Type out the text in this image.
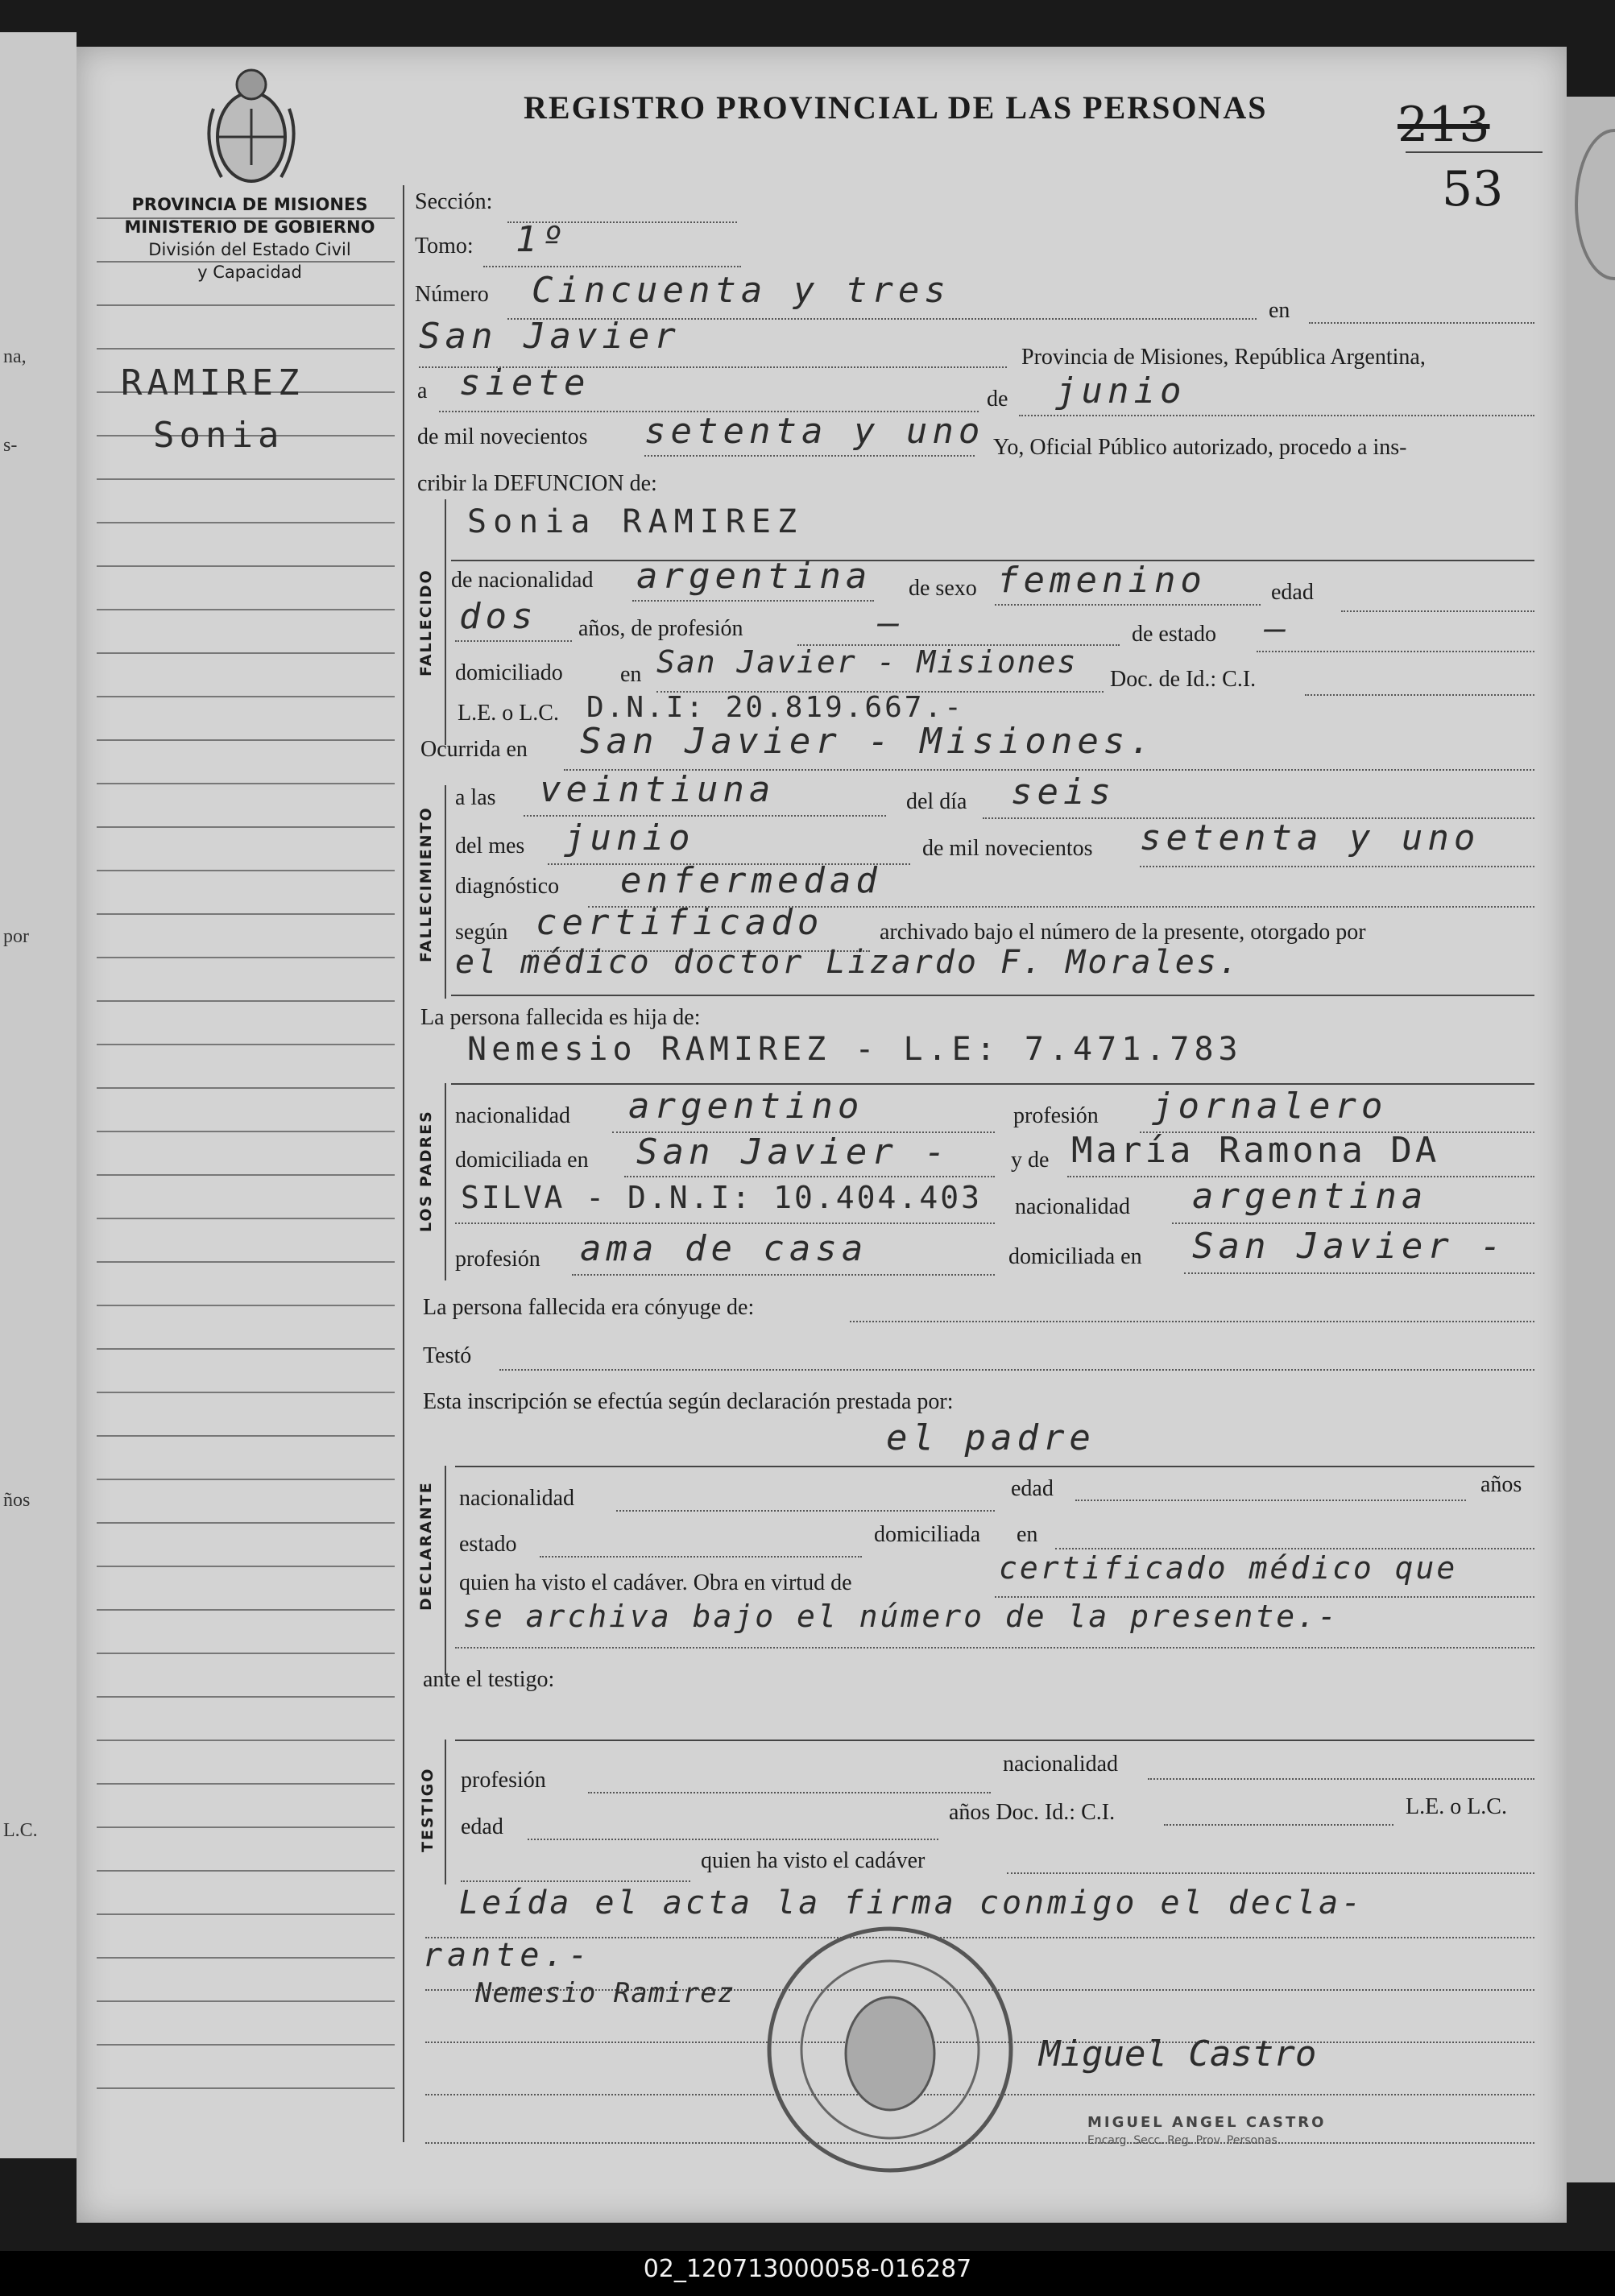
na,
s-
por
ños
L.C.
PROVINCIA DE MISIONES
MINISTERIO DE GOBIERNO
División del Estado Civil
y Capacidad
REGISTRO PROVINCIAL DE LAS PERSONAS	213
53
RAMIREZ
Sonia
Sección:
Tomo: 1º
Número Cincuenta y tres	en
San Javier
Provincia de Misiones, República Argentina,
a siete	de junio
de mil novecientos setenta y uno Yo, Oficial Público autorizado, procedo a ins-
cribir la DEFUNCION de:
FALLECIDO
Sonia RAMIREZ
de nacionalidad argentina de sexo femenino	edad
dos años, de profesión	—	de estado —
domiciliado	en San Javier - Misiones Doc. de Id.: C.I.
L.E. o L.C. D.N.I: 20.819.667.-
Ocurrida en San Javier - Misiones.
FALLECIMIENTO
a las veintiuna	del día seis
del mes junio	de mil novecientos setenta y uno
diagnóstico enfermedad
según certificado archivado bajo el número de la presente, otorgado por
el médico doctor Lizardo F. Morales.
La persona fallecida es hija de:
Nemesio RAMIREZ - L.E: 7.471.783
LOS PADRES nacionalidad argentino	profesión jornalero
domiciliada en San Javier -	y de María Ramona DA
SILVA - D.N.I: 10.404.403 nacionalidad argentina
profesión ama de casa	domiciliada en San Javier -
La persona fallecida era cónyuge de:
Testó
Esta inscripción se efectúa según declaración prestada por:
el padre
DECLARANTE nacionalidad	edad	años
estado	domiciliada en
quien ha visto el cadáver. Obra en virtud de	certificado médico que
se archiva bajo el número de la presente.-
ante el testigo:
TESTIGO profesión
nacionalidad
edad
años Doc. Id.: C.I.	L.E. o L.C.
quien ha visto el cadáver
Leída el acta la firma conmigo el decla-
rante.-
Nemesio Ramirez
Miguel Castro
MIGUEL ANGEL CASTRO
Encarg. Secc. Reg. Prov. Personas
02_120713000058-016287
